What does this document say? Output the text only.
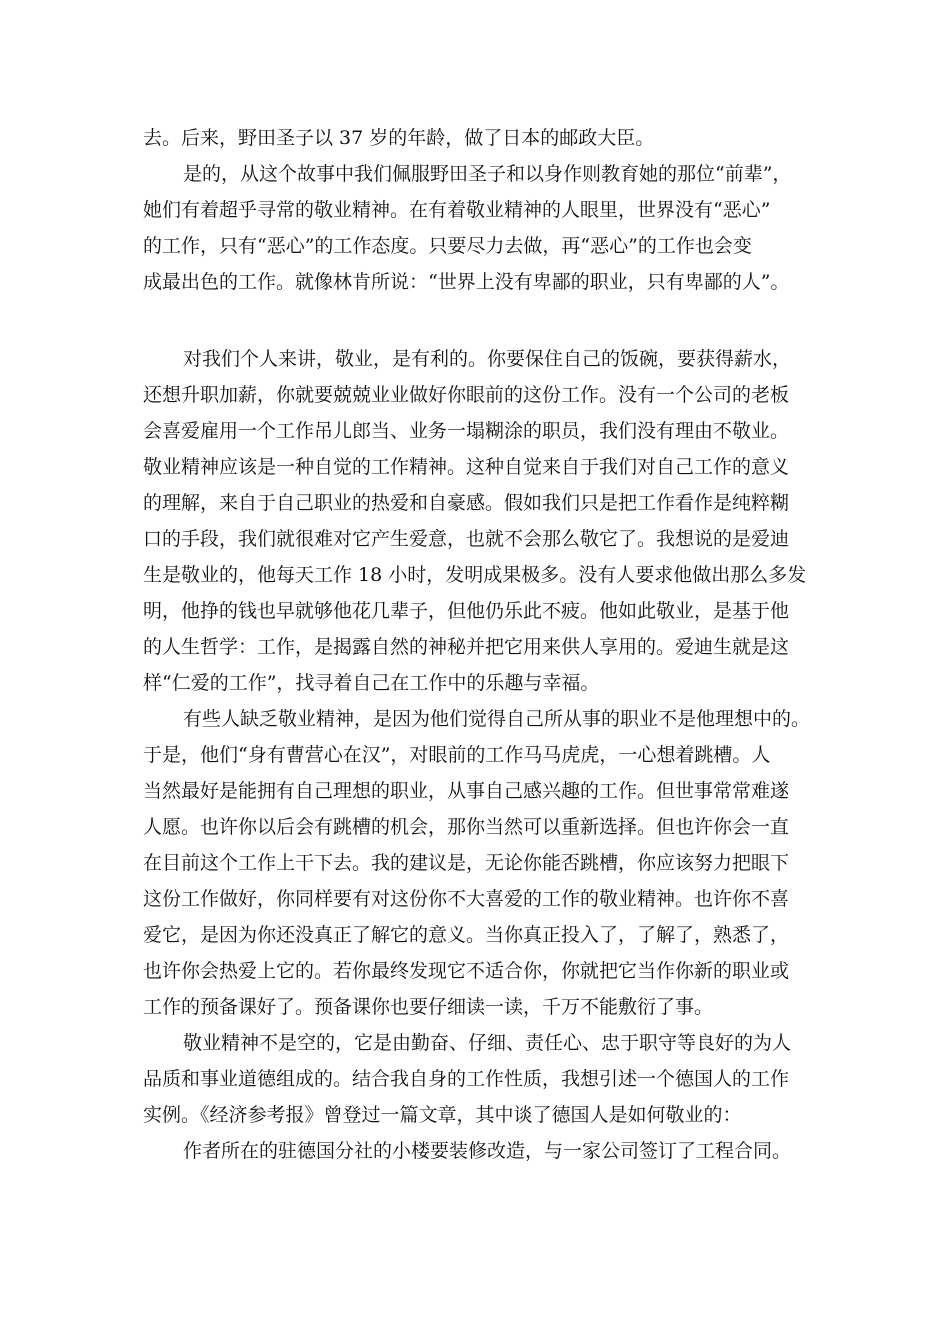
去。后来，野田圣子以 37 岁的年龄，做了日本的邮政大臣。
是的，从这个故事中我们佩服野田圣子和以身作则教育她的那位“前辈”，
她们有着超乎寻常的敬业精神。在有着敬业精神的人眼里，世界没有“恶心”
的工作，只有“恶心”的工作态度。只要尽力去做，再“恶心”的工作也会变
成最出色的工作。就像林肯所说：“世界上没有卑鄙的职业，只有卑鄙的人”。
对我们个人来讲，敬业，是有利的。你要保住自己的饭碗，要获得薪水，
还想升职加薪，你就要兢兢业业做好你眼前的这份工作。没有一个公司的老板
会喜爱雇用一个工作吊儿郎当、业务一塌糊涂的职员，我们没有理由不敬业。
敬业精神应该是一种自觉的工作精神。这种自觉来自于我们对自己工作的意义
的理解，来自于自己职业的热爱和自豪感。假如我们只是把工作看作是纯粹糊
口的手段，我们就很难对它产生爱意，也就不会那么敬它了。我想说的是爱迪
生是敬业的，他每天工作 18 小时，发明成果极多。没有人要求他做出那么多发
明，他挣的钱也早就够他花几辈子，但他仍乐此不疲。他如此敬业，是基于他
的人生哲学：工作，是揭露自然的神秘并把它用来供人享用的。爱迪生就是这
样“仁爱的工作”，找寻着自己在工作中的乐趣与幸福。
有些人缺乏敬业精神，是因为他们觉得自己所从事的职业不是他理想中的。
于是，他们“身有曹营心在汉”，对眼前的工作马马虎虎，一心想着跳槽。人
当然最好是能拥有自己理想的职业，从事自己感兴趣的工作。但世事常常难遂
人愿。也许你以后会有跳槽的机会，那你当然可以重新选择。但也许你会一直
在目前这个工作上干下去。我的建议是，无论你能否跳槽，你应该努力把眼下
这份工作做好，你同样要有对这份你不大喜爱的工作的敬业精神。也许你不喜
爱它，是因为你还没真正了解它的意义。当你真正投入了，了解了，熟悉了，
也许你会热爱上它的。若你最终发现它不适合你，你就把它当作你新的职业或
工作的预备课好了。预备课你也要仔细读一读，千万不能敷衍了事。
敬业精神不是空的，它是由勤奋、仔细、责任心、忠于职守等良好的为人
品质和事业道德组成的。结合我自身的工作性质，我想引述一个德国人的工作
实例。《经济参考报》曾登过一篇文章，其中谈了德国人是如何敬业的：
作者所在的驻德国分社的小楼要装修改造，与一家公司签订了工程合同。
